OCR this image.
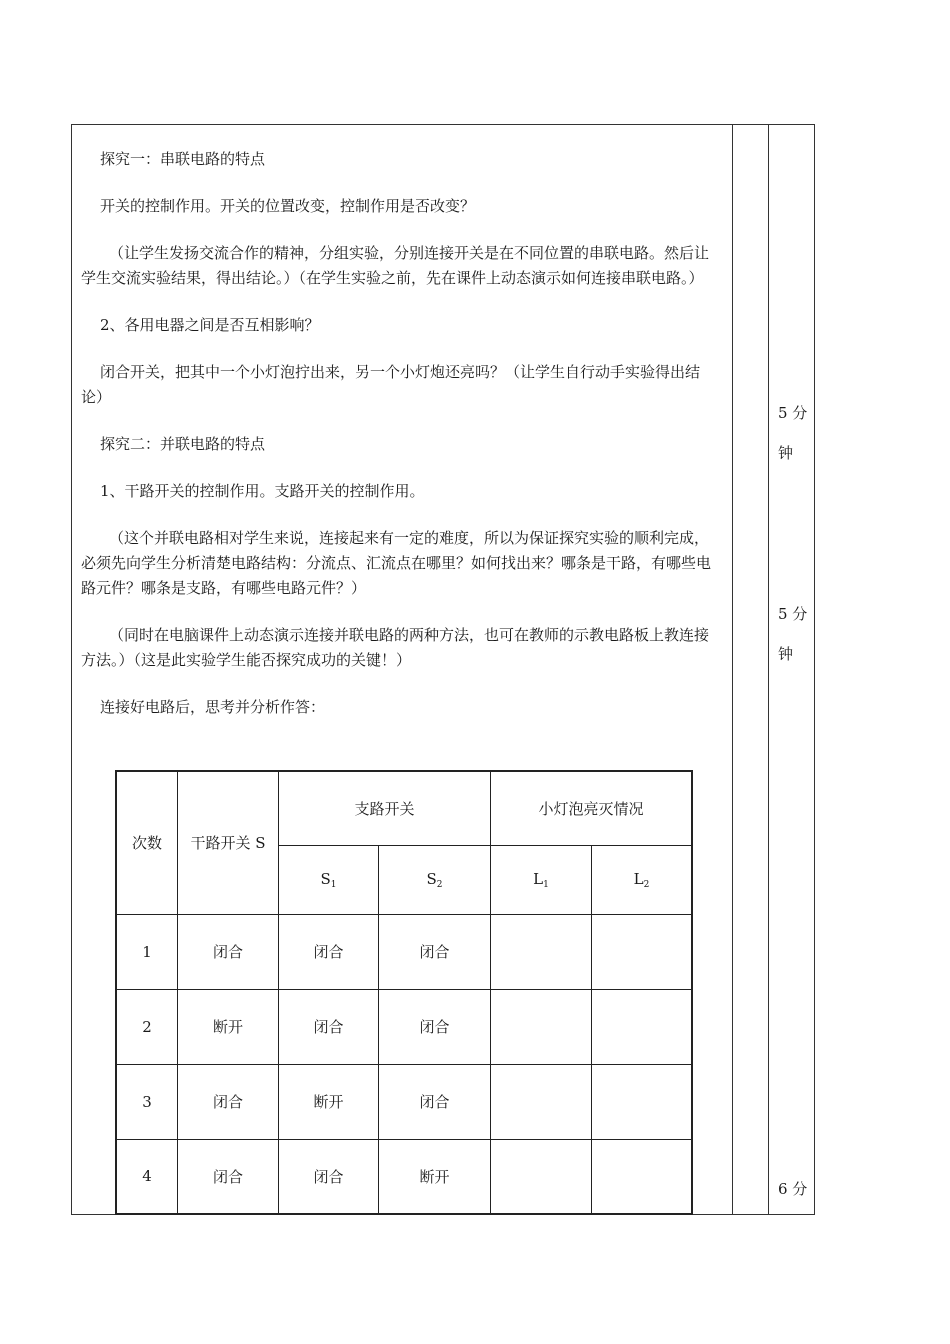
探究一：串联电路的特点

开关的控制作用。开关的位置改变，控制作用是否改变？

（让学生发扬交流合作的精神，分组实验，分别连接开关是在不同位置的串联电路。然后让学生交流实验结果，得出结论。）（在学生实验之前，先在课件上动态演示如何连接串联电路。）

2、各用电器之间是否互相影响？

闭合开关，把其中一个小灯泡拧出来，另一个小灯炮还亮吗？（让学生自行动手实验得出结论）

探究二：并联电路的特点

1、干路开关的控制作用。支路开关的控制作用。

（这个并联电路相对学生来说，连接起来有一定的难度，所以为保证探究实验的顺利完成，必须先向学生分析清楚电路结构：分流点、汇流点在哪里？如何找出来？哪条是干路，有哪些电路元件？哪条是支路，有哪些电路元件？）

（同时在电脑课件上动态演示连接并联电路的两种方法，也可在教师的示教电路板上教连接方法。）（这是此实验学生能否探究成功的关键！）

连接好电路后，思考并分析作答：

5 分
钟
5 分
钟
6 分
次数	干路开关 S	支路开关		小灯泡亮灭情况	
		$S_1$	$S_2$	$L_1$	$L_2$
1	闭合	闭合	闭合		
2	断开	闭合	闭合		
3	闭合	断开	闭合		
4	闭合	闭合	断开		
